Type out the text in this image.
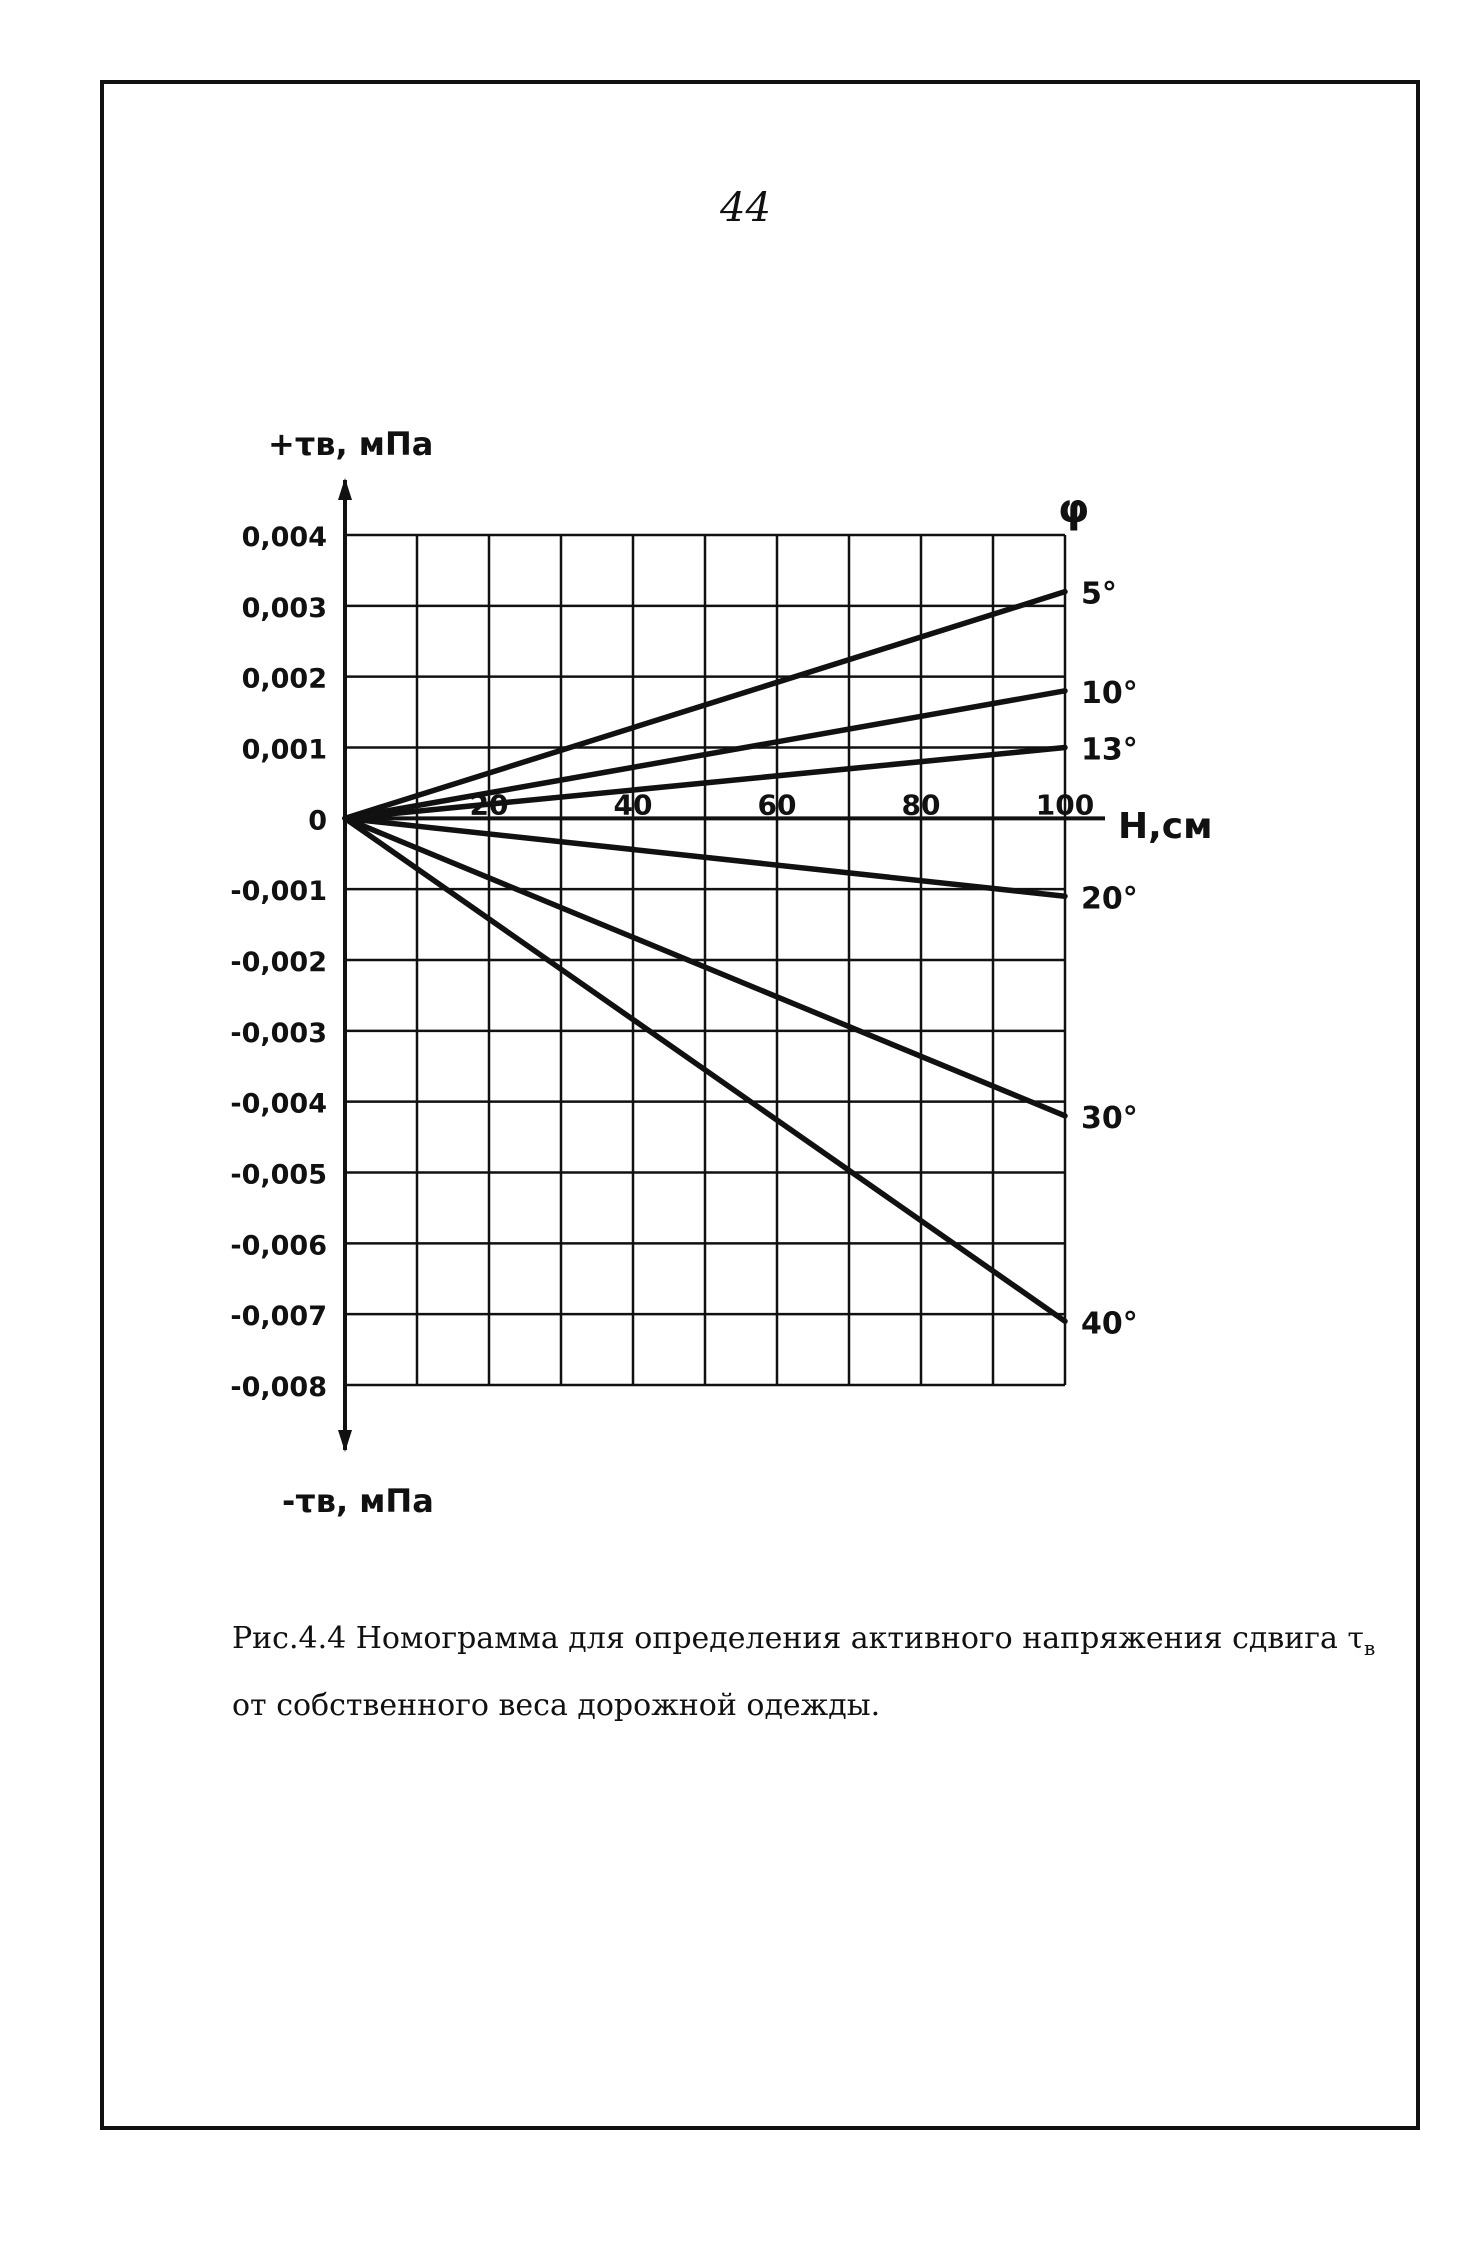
44
0,004
0,003
0,002
0,001
0
-0,001
-0,002
-0,003
-0,004
-0,005
-0,006
-0,007
-0,008
40	60	80	100
5°
10°
13°
20°
30°
40°
+τв, мПа
-τв, мПа
H,см
φ
Рис.4.4 Номограмма для определения активного напряжения сдвига $\tau_в$
от собственного веса дорожной одежды.
